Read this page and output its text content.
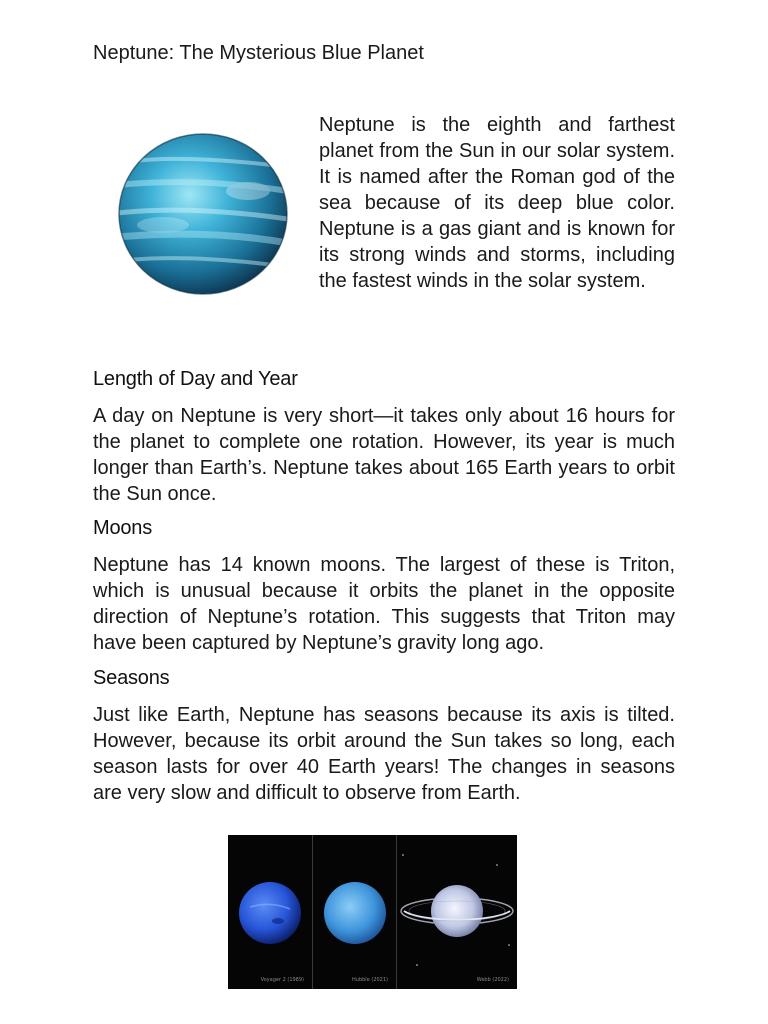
Neptune: The Mysterious Blue Planet

Neptune is the eighth and farthest planet from the Sun in our solar system. It is named after the Roman god of the sea because of its deep blue color. Neptune is a gas giant and is known for its strong winds and storms, including the fastest winds in the solar system.

Length of Day and Year

A day on Neptune is very short—it takes only about 16 hours for the planet to complete one rotation. However, its year is much longer than Earth’s. Neptune takes about 165 Earth years to orbit the Sun once.

Moons

Neptune has 14 known moons. The largest of these is Triton, which is unusual because it orbits the planet in the opposite direction of Neptune’s rotation. This suggests that Triton may have been captured by Neptune’s gravity long ago.

Seasons

Just like Earth, Neptune has seasons because its axis is tilted. However, because its orbit around the Sun takes so long, each season lasts for over 40 Earth years! The changes in seasons are very slow and difficult to observe from Earth.

Voyager 2 (1989)	Hubble (2021)	Webb (2022)
